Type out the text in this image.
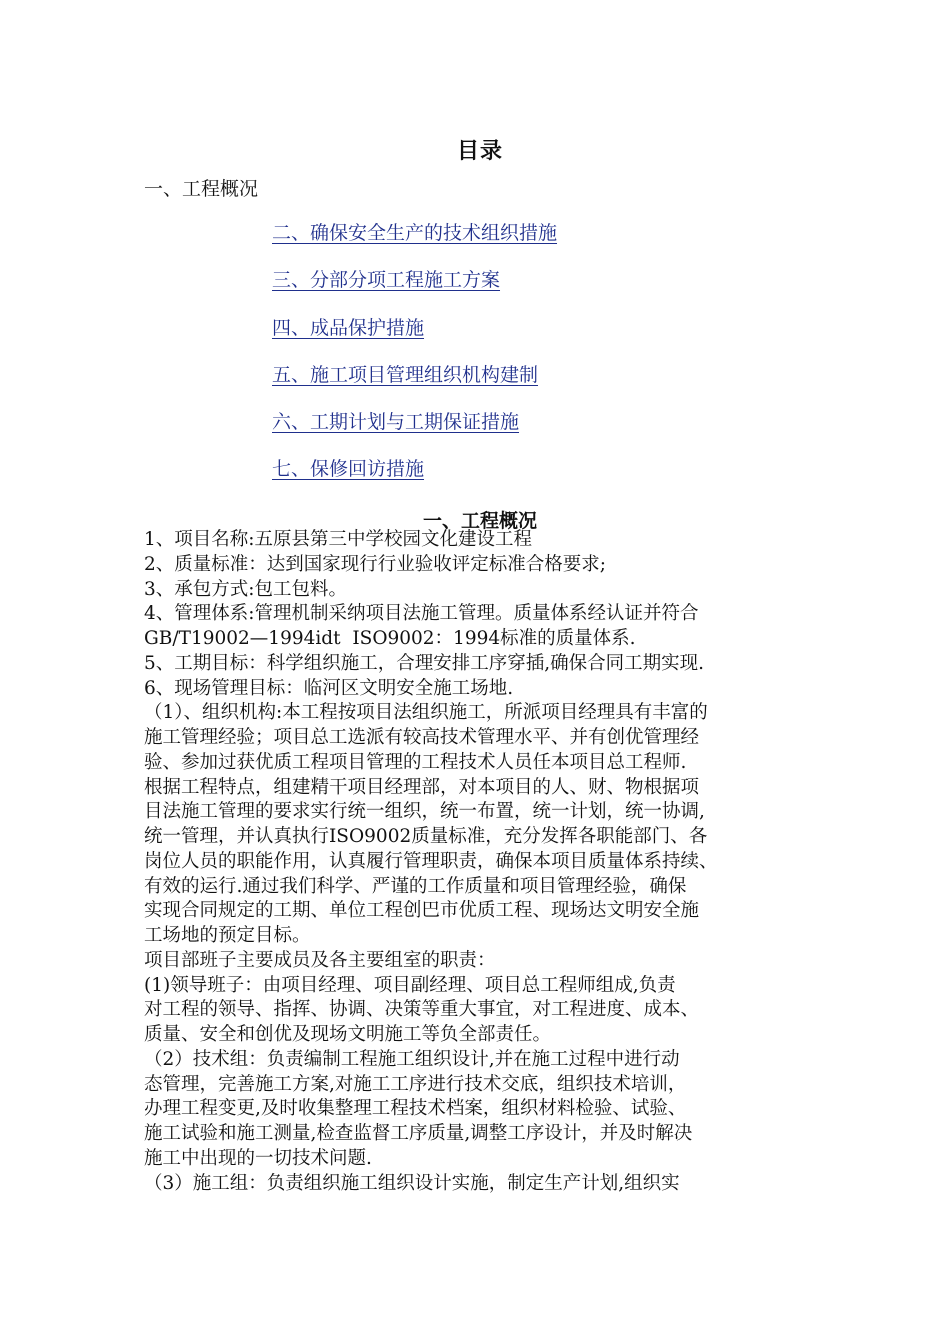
目录
一、工程概况
二、确保安全生产的技术组织措施
三、分部分项工程施工方案
四、成品保护措施
五、施工项目管理组织机构建制
六、工期计划与工期保证措施
七、保修回访措施
一、工程概况
1、项目名称:五原县第三中学校园文化建设工程
2、质量标准：达到国家现行行业验收评定标准合格要求;
3、承包方式:包工包料。
4、管理体系:管理机制采纳项目法施工管理。质量体系经认证并符合
GB/T19002—1994idt  ISO9002：1994标准的质量体系.
5、工期目标：科学组织施工，合理安排工序穿插,确保合同工期实现.
6、现场管理目标：临河区文明安全施工场地.
（1）、组织机构:本工程按项目法组织施工，所派项目经理具有丰富的
施工管理经验；项目总工选派有较高技术管理水平、并有创优管理经
验、参加过获优质工程项目管理的工程技术人员任本项目总工程师.
根据工程特点，组建精干项目经理部，对本项目的人、财、物根据项
目法施工管理的要求实行统一组织，统一布置，统一计划，统一协调,
统一管理，并认真执行ISO9002质量标准，充分发挥各职能部门、各
岗位人员的职能作用，认真履行管理职责，确保本项目质量体系持续、
有效的运行.通过我们科学、严谨的工作质量和项目管理经验，确保
实现合同规定的工期、单位工程创巴市优质工程、现场达文明安全施
工场地的预定目标。
项目部班子主要成员及各主要组室的职责：
(1)领导班子：由项目经理、项目副经理、项目总工程师组成,负责
对工程的领导、指挥、协调、决策等重大事宜，对工程进度、成本、
质量、安全和创优及现场文明施工等负全部责任。
（2）技术组：负责编制工程施工组织设计,并在施工过程中进行动
态管理，完善施工方案,对施工工序进行技术交底，组织技术培训，
办理工程变更,及时收集整理工程技术档案，组织材料检验、试验、
施工试验和施工测量,检查监督工序质量,调整工序设计，并及时解决
施工中出现的一切技术问题.
（3）施工组：负责组织施工组织设计实施，制定生产计划,组织实
